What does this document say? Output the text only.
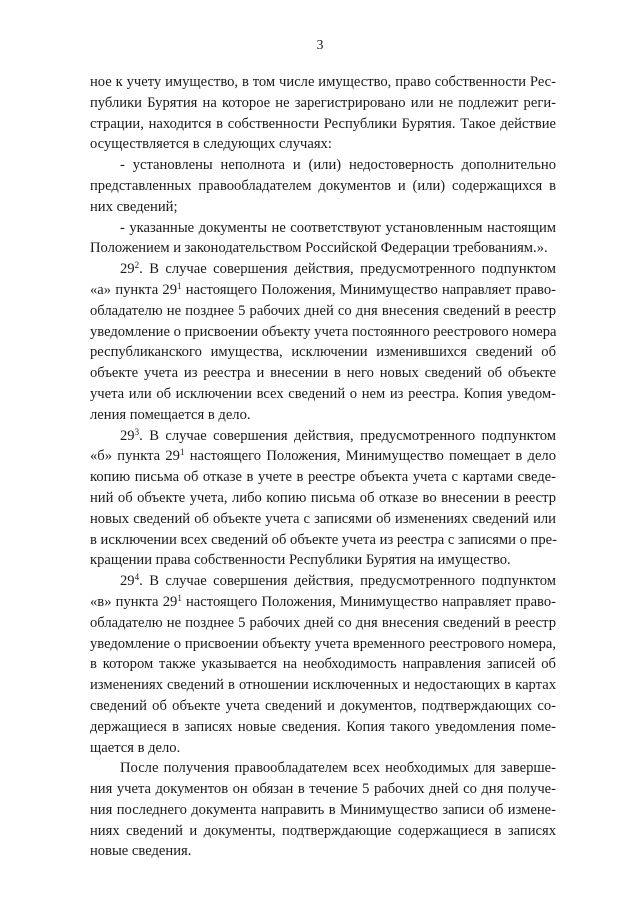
3
ное к учету имущество, в том числе имущество, право собственности Рес-
публики Бурятия на которое не зарегистрировано или не подлежит реги-
страции, находится в собственности Республики Бурятия. Такое действие
осуществляется в следующих случаях:
- установлены неполнота и (или) недостоверность дополнительно
представленных правообладателем документов и (или) содержащихся в
них сведений;
- указанные документы не соответствуют установленным настоящим
Положением и законодательством Российской Федерации требованиям.».
$29^2$. В случае совершения действия, предусмотренного подпунктом
«а» пункта $29^1$ настоящего Положения, Минимущество направляет право-
обладателю не позднее 5 рабочих дней со дня внесения сведений в реестр
уведомление о присвоении объекту учета постоянного реестрового номера
республиканского имущества, исключении изменившихся сведений об
объекте учета из реестра и внесении в него новых сведений об объекте
учета или об исключении всех сведений о нем из реестра. Копия уведом-
ления помещается в дело.
$29^3$. В случае совершения действия, предусмотренного подпунктом
«б» пункта $29^1$ настоящего Положения, Минимущество помещает в дело
копию письма об отказе в учете в реестре объекта учета с картами сведе-
ний об объекте учета, либо копию письма об отказе во внесении в реестр
новых сведений об объекте учета с записями об изменениях сведений или
в исключении всех сведений об объекте учета из реестра с записями о пре-
кращении права собственности Республики Бурятия на имущество.
$29^4$. В случае совершения действия, предусмотренного подпунктом
«в» пункта $29^1$ настоящего Положения, Минимущество направляет право-
обладателю не позднее 5 рабочих дней со дня внесения сведений в реестр
уведомление о присвоении объекту учета временного реестрового номера,
в котором также указывается на необходимость направления записей об
изменениях сведений в отношении исключенных и недостающих в картах
сведений об объекте учета сведений и документов, подтверждающих со-
держащиеся в записях новые сведения. Копия такого уведомления поме-
щается в дело.
После получения правообладателем всех необходимых для заверше-
ния учета документов он обязан в течение 5 рабочих дней со дня получе-
ния последнего документа направить в Минимущество записи об измене-
ниях сведений и документы, подтверждающие содержащиеся в записях
новые сведения.
